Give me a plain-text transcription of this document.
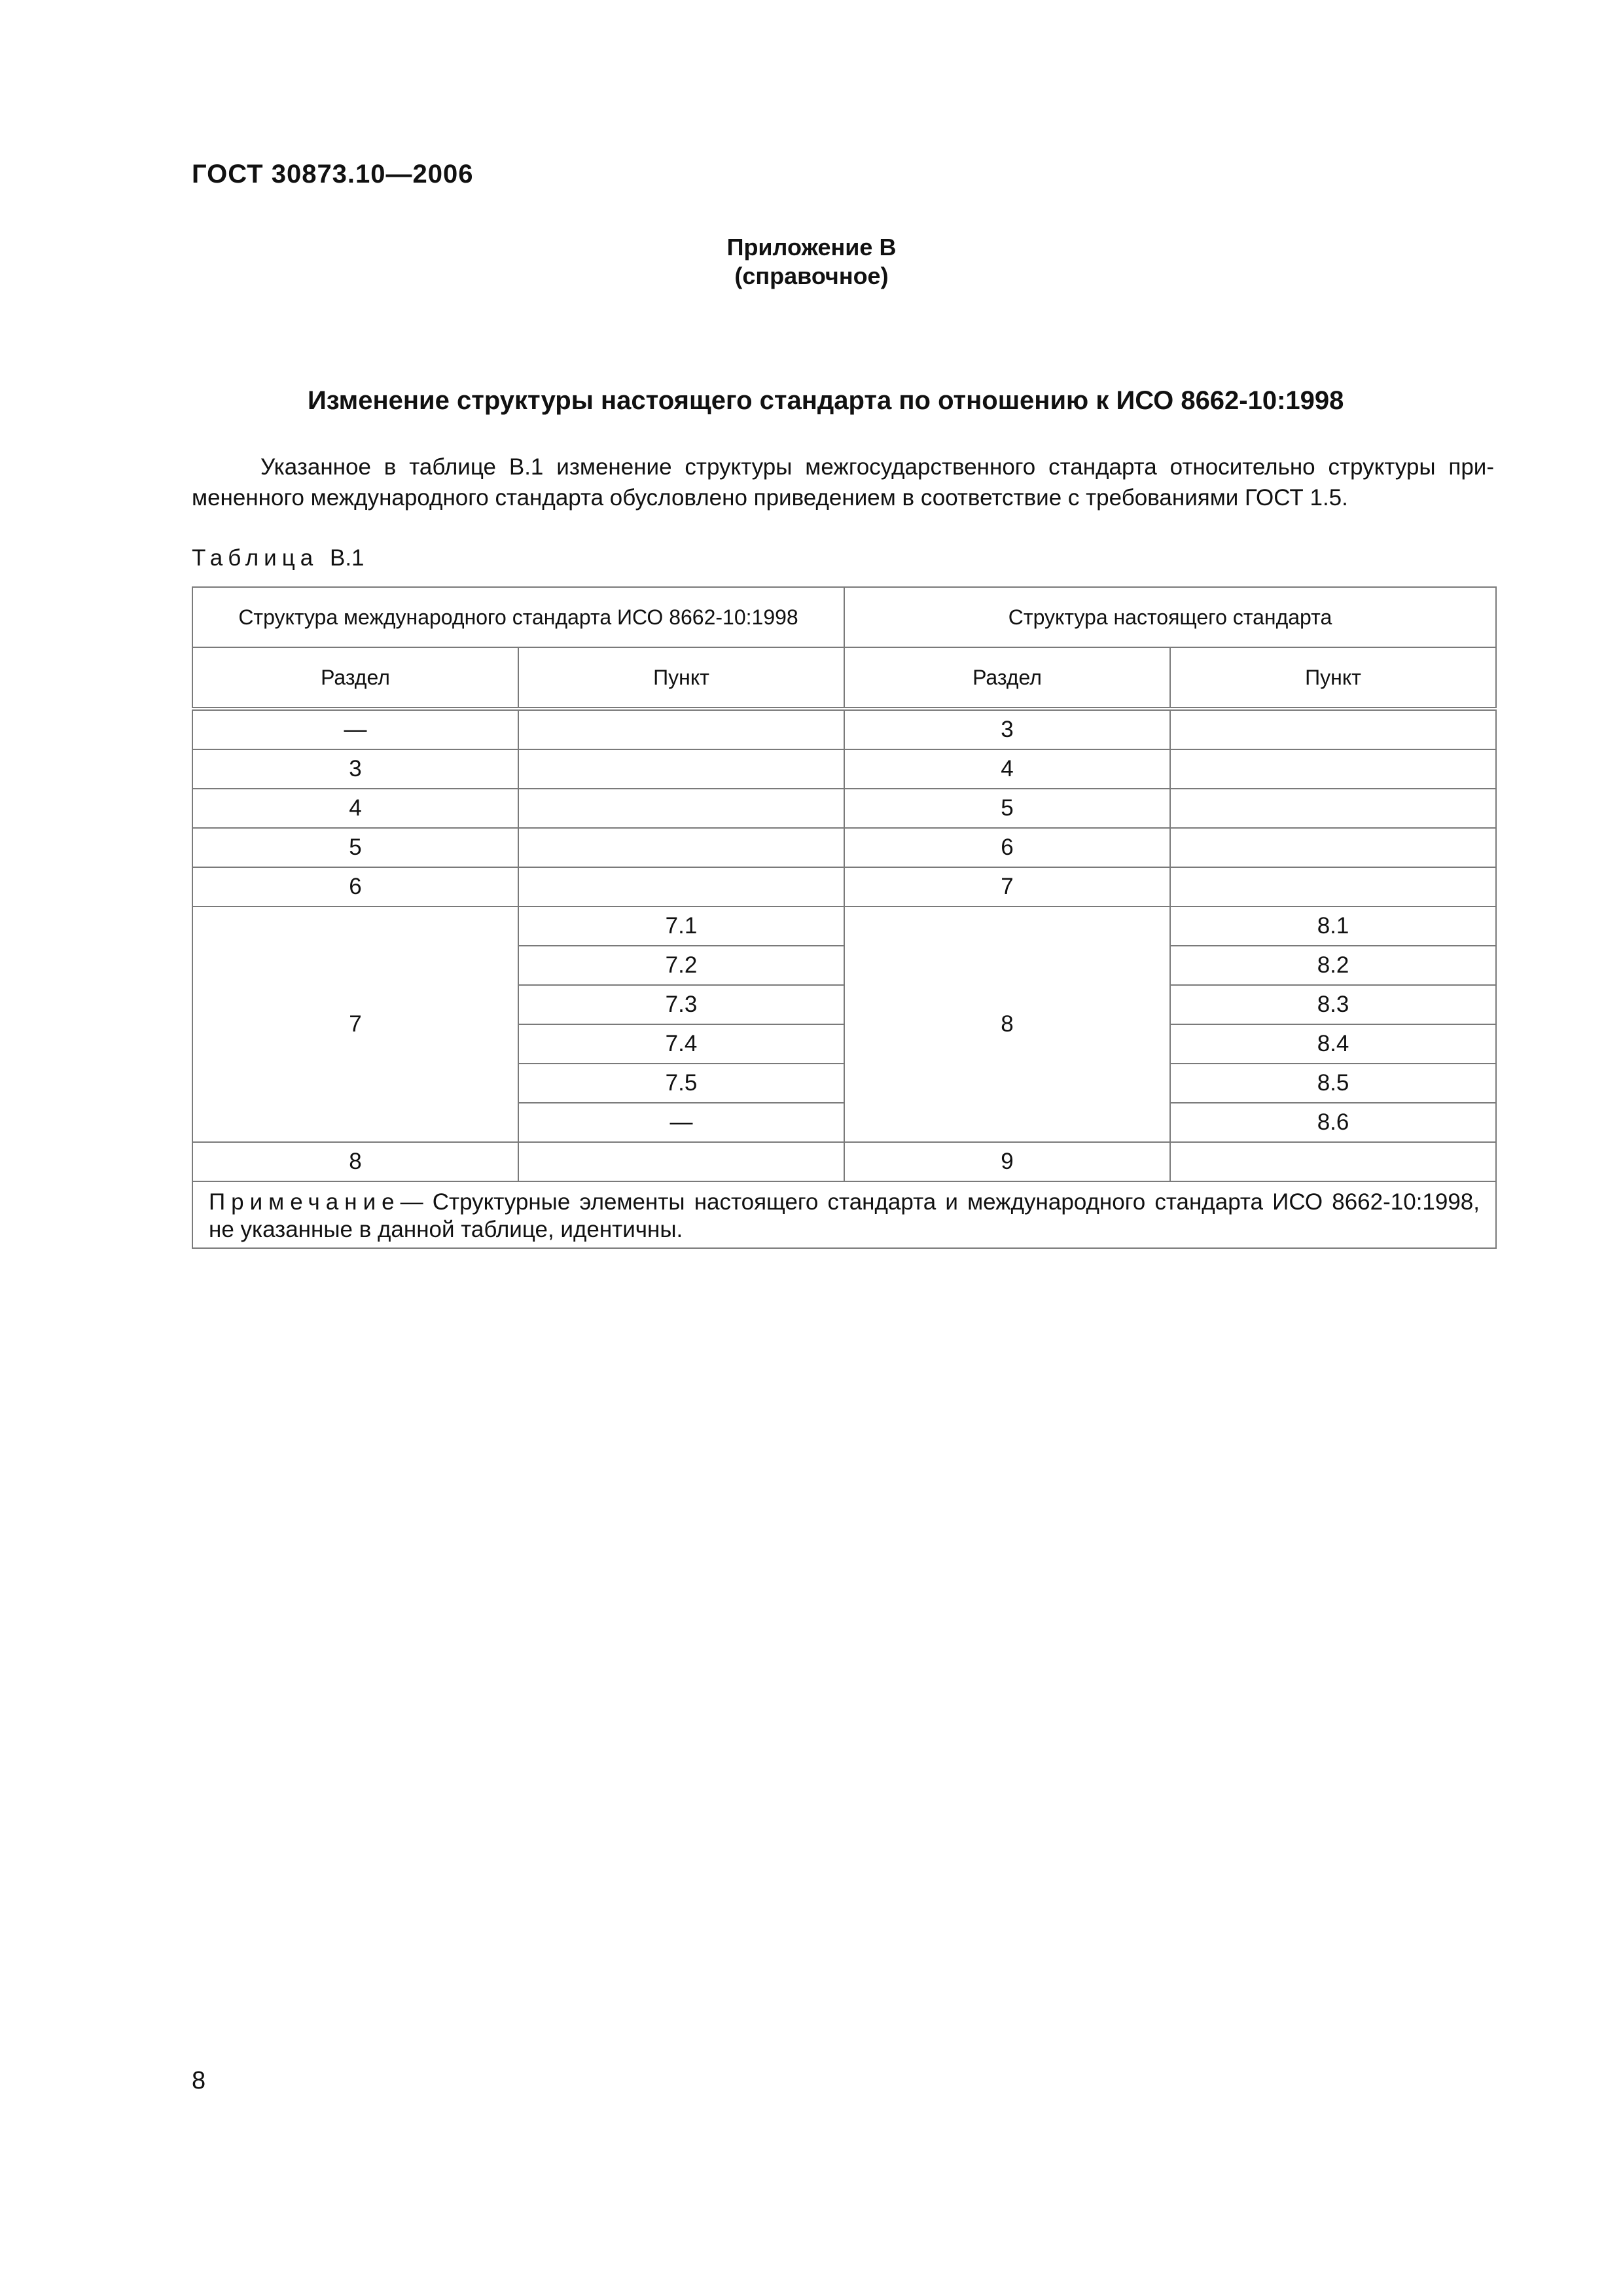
ГОСТ 30873.10—2006
Приложение В
(справочное)
Изменение структуры настоящего стандарта по отношению к ИСО 8662-10:1998
Указанное в таблице В.1 изменение структуры межгосударственного стандарта относительно структуры при-
мененного международного стандарта обусловлено приведением в соответствие с требованиями ГОСТ 1.5.
Таблица В.1
Структура международного стандарта ИСО 8662-10:1998		Структура настоящего стандарта	
Раздел	Пункт	Раздел	Пункт
—		3	
3		4	
4		5	
5		6	
6		7	
7	7.1	8	8.1
	7.2		8.2
	7.3		8.3
	7.4		8.4
	7.5		8.5
	—		8.6
8		9	
Примечание— Структурные элементы настоящего стандарта и международного стандарта ИСО 8662-10:1998, не указанные в данной таблице, идентичны.			
8
